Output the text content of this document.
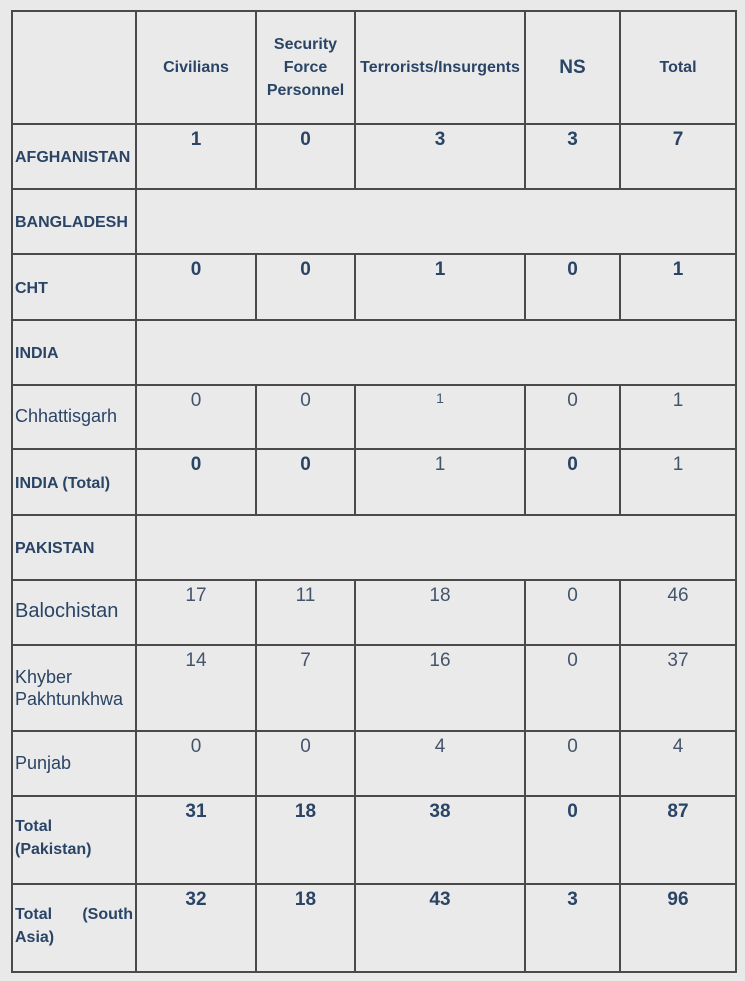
	Civilians	Security
Force
Personnel	Terrorists/Insurgents	NS	Total
AFGHANISTAN	1	0	3	3	7
BANGLADESH					
CHT	0	0	1	0	1
INDIA					
Chhattisgarh	0	0	1	0	1
INDIA (Total)	0	0	1	0	1
PAKISTAN					
Balochistan	17	11	18	0	46
Khyber
Pakhtunkhwa	14	7	16	0	37
Punjab	0	0	4	0	4
Total
(Pakistan)	31	18	38	0	87

Total (South
Asia)	32	18	43	3	96
